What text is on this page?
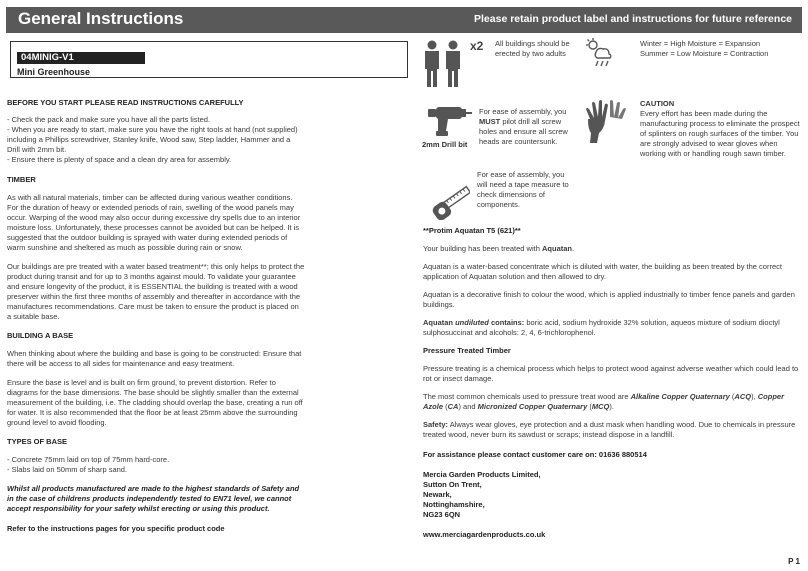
General Instructions	Please retain product label and instructions for future reference
04MINIG-V1
Mini Greenhouse

BEFORE YOU START PLEASE READ INSTRUCTIONS CAREFULLY

- Check the pack and make sure you have all the parts listed.

- When you are ready to start, make sure you have the right tools at hand (not supplied) including a Phillips screwdriver, Stanley knife, Wood saw, Step ladder, Hammer and a Drill with 2mm bit.

- Ensure there is plenty of space and a clean dry area for assembly.

TIMBER

As with all natural materials, timber can be affected during various weather conditions. For the duration of heavy or extended periods of rain, swelling of the wood panels may occur. Warping of the wood may also occur during excessive dry spells due to an interior moisture loss. Unfortunately, these processes cannot be avoided but can be helped. It is suggested that the outdoor building is sprayed with water during extended periods of warm sunshine and sheltered as much as possible during rain or snow.

Our buildings are pre treated with a water based treatment**; this only helps to protect the product during transit and for up to 3 months against mould. To validate your guarantee and ensure longevity of the product, it is ESSENTIAL the building is treated with a wood preserver within the first three months of assembly and thereafter in accordance with the manufactures recommendations. Care must be taken to ensure the product is placed on a suitable base.

BUILDING A BASE

When thinking about where the building and base is going to be constructed: Ensure that there will be access to all sides for maintenance and easy treatment.

Ensure the base is level and is built on firm ground, to prevent distortion. Refer to diagrams for the base dimensions. The base should be slightly smaller than the external measurement of the building, i.e. The cladding should overlap the base, creating a run off for water. It is also recommended that the floor be at least 25mm above the surrounding ground level to avoid flooding.

TYPES OF BASE

- Concrete 75mm laid on top of 75mm hard-core.

- Slabs laid on 50mm of sharp sand.

Whilst all products manufactured are made to the highest standards of Safety and in the case of childrens products independently tested to EN71 level, we cannot accept responsibility for your safety whilst erecting or using this product.

Refer to the instructions pages for you specific product code

x2 All buildings should be erected by two adults
Winter = High Moisture = Expansion
Summer = Low Moisture = Contraction
2mm Drill bit
For ease of assembly, you MUST pilot drill all screw holes and ensure all screw heads are countersunk.
CAUTION
Every effort has been made during the manufacturing process to eliminate the prospect of splinters on rough surfaces of the timber. You are strongly advised to wear gloves when working with or handling rough sawn timber.
For ease of assembly, you will need a tape measure to check dimensions of components.

**Protim Aquatan T5 (621)**

Your building has been treated with Aquatan.

Aquatan is a water-based concentrate which is diluted with water, the building as been treated by the correct application of Aquatan solution and then allowed to dry.

Aquatan is a decorative finish to colour the wood, which is applied industrially to timber fence panels and garden buildings.

Aquatan undiluted contains: boric acid, sodium hydroxide 32% solution, aqueos mixture of sodium dioctyl sulphosuccinat and alcohols: 2, 4, 6-trichlorophenol.

Pressure Treated Timber

Pressure treating is a chemical process which helps to protect wood against adverse weather which could lead to rot or insect damage.

The most common chemicals used to pressure treat wood are Alkaline Copper Quaternary (ACQ), Copper Azole (CA) and Micronized Copper Quaternary (MCQ).

Safety: Always wear gloves, eye protection and a dust mask when handling wood. Due to chemicals in pressure treated wood, never burn its sawdust or scraps; instead dispose in a landfill.

For assistance please contact customer care on: 01636 880514

Mercia Garden Products Limited,
Sutton On Trent,
Newark,
Nottinghamshire,
NG23 6QN

www.merciagardenproducts.co.uk

P 1
